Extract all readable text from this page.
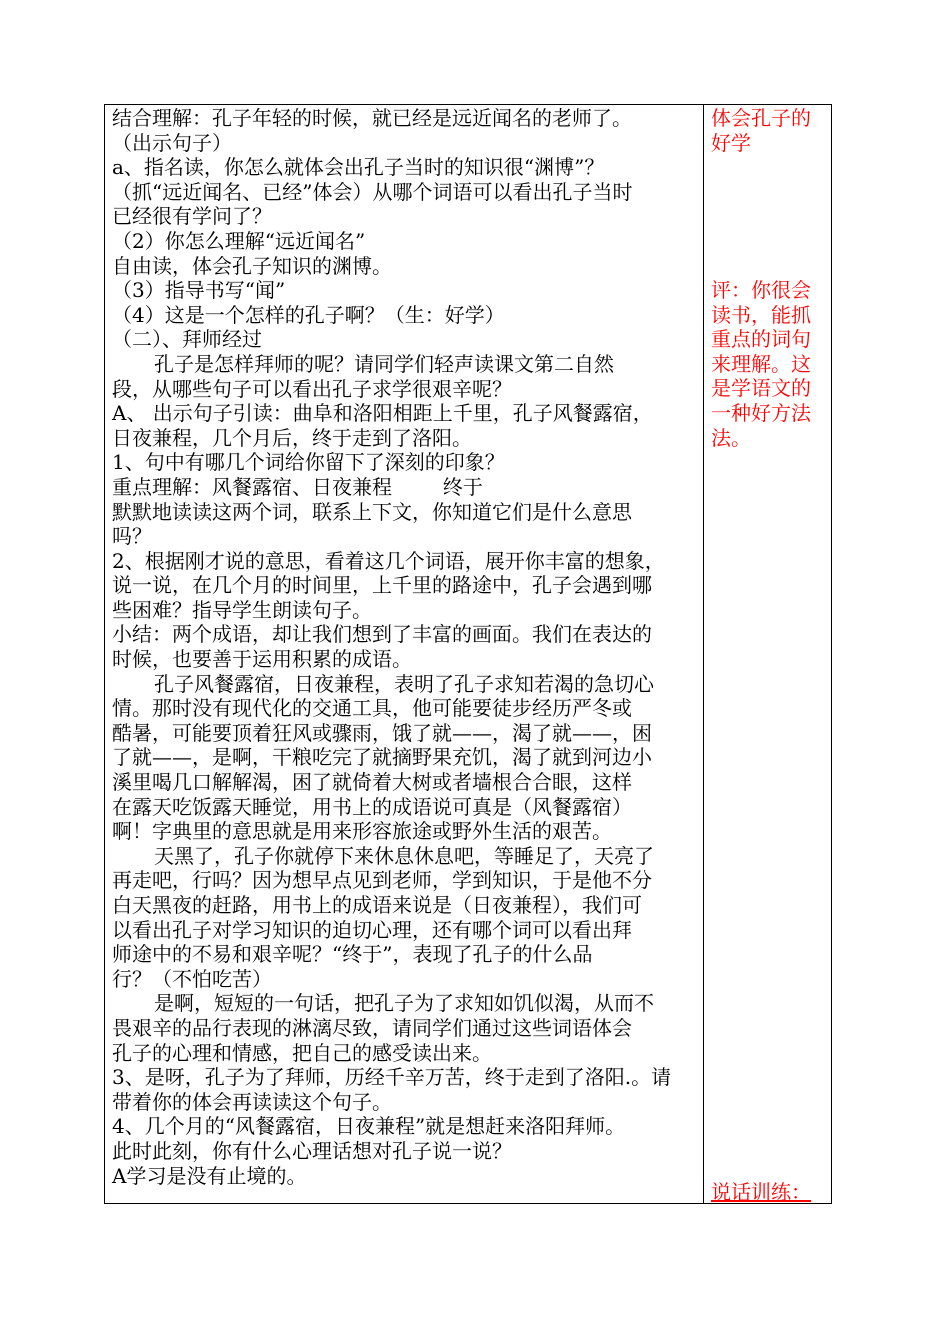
结合理解：孔子年轻的时候，就已经是远近闻名的老师了。
（出示句子）
a、指名读，你怎么就体会出孔子当时的知识很“渊博”？
（抓“远近闻名、已经”体会）从哪个词语可以看出孔子当时
已经很有学问了？
（2）你怎么理解“远近闻名”
自由读，体会孔子知识的渊博。
（3）指导书写“闻”
（4）这是一个怎样的孔子啊？（生：好学）
（二）、拜师经过
孔子是怎样拜师的呢？请同学们轻声读课文第二自然
段，从哪些句子可以看出孔子求学很艰辛呢？
A、 出示句子引读：曲阜和洛阳相距上千里，孔子风餐露宿，
日夜兼程，几个月后，终于走到了洛阳。
1、句中有哪几个词给你留下了深刻的印象？
重点理解：风餐露宿、日夜兼程        终于
默默地读读这两个词，联系上下文，你知道它们是什么意思
吗？
2、根据刚才说的意思，看着这几个词语，展开你丰富的想象，
说一说，在几个月的时间里，上千里的路途中，孔子会遇到哪
些困难？指导学生朗读句子。
小结：两个成语，却让我们想到了丰富的画面。我们在表达的
时候，也要善于运用积累的成语。
孔子风餐露宿，日夜兼程，表明了孔子求知若渴的急切心
情。那时没有现代化的交通工具，他可能要徒步经历严冬或
酷暑，可能要顶着狂风或骤雨，饿了就——，渴了就——，困
了就——，是啊，干粮吃完了就摘野果充饥，渴了就到河边小
溪里喝几口解解渴，困了就倚着大树或者墙根合合眼，这样
在露天吃饭露天睡觉，用书上的成语说可真是（风餐露宿）
啊！字典里的意思就是用来形容旅途或野外生活的艰苦。
天黑了，孔子你就停下来休息休息吧，等睡足了，天亮了
再走吧，行吗？因为想早点见到老师，学到知识，于是他不分
白天黑夜的赶路，用书上的成语来说是（日夜兼程），我们可
以看出孔子对学习知识的迫切心理，还有哪个词可以看出拜
师途中的不易和艰辛呢？“终于”，表现了孔子的什么品
行？（不怕吃苦）
是啊，短短的一句话，把孔子为了求知如饥似渴，从而不
畏艰辛的品行表现的淋漓尽致，请同学们通过这些词语体会
孔子的心理和情感，把自己的感受读出来。
3、是呀，孔子为了拜师，历经千辛万苦，终于走到了洛阳.。请
带着你的体会再读读这个句子。
4、几个月的“风餐露宿，日夜兼程”就是想赶来洛阳拜师。
此时此刻，你有什么心理话想对孔子说一说？
A学习是没有止境的。
体会孔子的
好学
评：你很会
读书，能抓
重点的词句
来理解。这
是学语文的
一种好方法
法。
说话训练：
